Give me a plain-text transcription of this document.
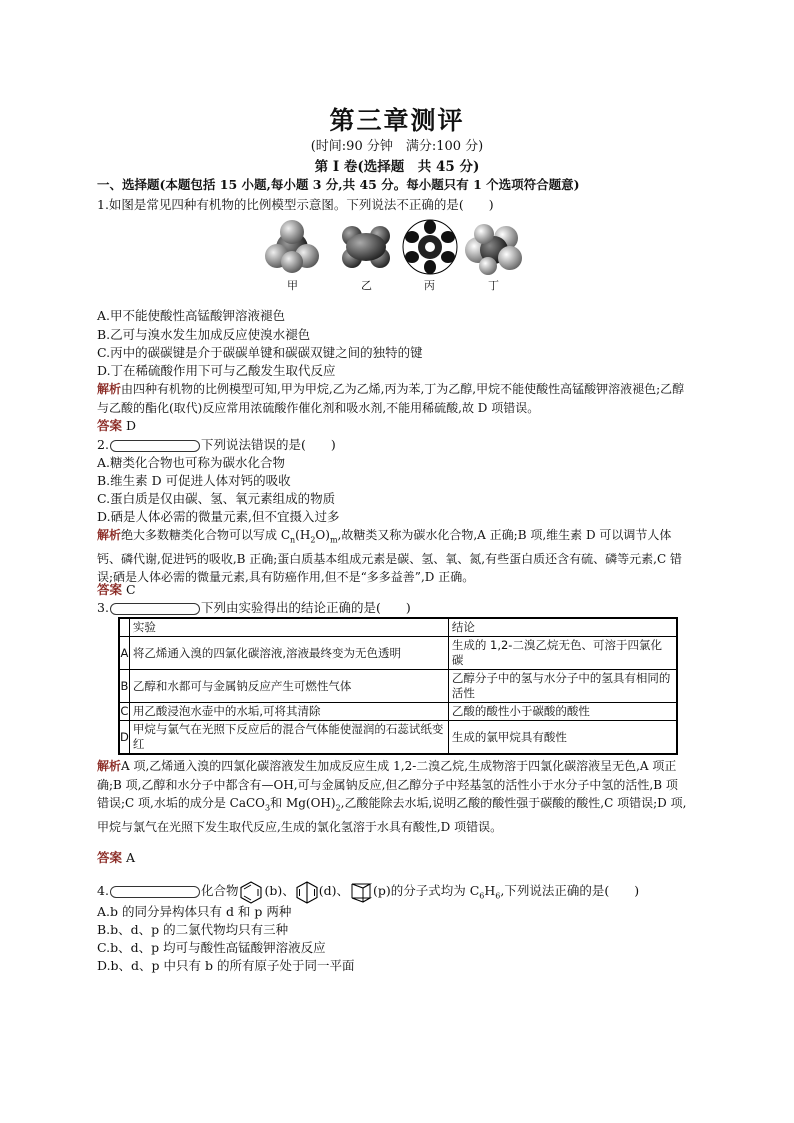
第三章测评
(时间:90 分钟　满分:100 分)
第 Ⅰ 卷(选择题　共 45 分)
一、选择题(本题包括 15 小题,每小题 3 分,共 45 分。每小题只有 1 个选项符合题意)
1.如图是常见四种有机物的比例模型示意图。下列说法不正确的是(　　)
甲	乙	丙	丁
A.甲不能使酸性高锰酸钾溶液褪色
B.乙可与溴水发生加成反应使溴水褪色
C.丙中的碳碳键是介于碳碳单键和碳碳双键之间的独特的键
D.丁在稀硫酸作用下可与乙酸发生取代反应
解析由四种有机物的比例模型可知,甲为甲烷,乙为乙烯,丙为苯,丁为乙醇,甲烷不能使酸性高锰酸钾溶液褪色;乙醇与乙酸的酯化(取代)反应常用浓硫酸作催化剂和吸水剂,不能用稀硫酸,故 D 项错误。
答案 D
2.	下列说法错误的是(　　)
A.糖类化合物也可称为碳水化合物
B.维生素 D 可促进人体对钙的吸收
C.蛋白质是仅由碳、氢、氧元素组成的物质
D.硒是人体必需的微量元素,但不宜摄入过多
解析绝大多数糖类化合物可以写成 $C_n(H_2O)_m$,故糖类又称为碳水化合物,A 正确;B 项,维生素 D 可以调节人体钙、磷代谢,促进钙的吸收,B 正确;蛋白质基本组成元素是碳、氢、氧、氮,有些蛋白质还含有硫、磷等元素,C 错误;硒是人体必需的微量元素,具有防癌作用,但不是“多多益善”,D 正确。
答案 C
3.	下列由实验得出的结论正确的是(　　)
	实验	结论
A	将乙烯通入溴的四氯化碳溶液,溶液最终变为无色透明	生成的 1,2-二溴乙烷无色、可溶于四氯化碳
B	乙醇和水都可与金属钠反应产生可燃性气体	乙醇分子中的氢与水分子中的氢具有相同的活性
C	用乙酸浸泡水壶中的水垢,可将其清除	乙酸的酸性小于碳酸的酸性
D	甲烷与氯气在光照下反应后的混合气体能使湿润的石蕊试纸变红	生成的氯甲烷具有酸性
解析A 项,乙烯通入溴的四氯化碳溶液发生加成反应生成 1,2-二溴乙烷,生成物溶于四氯化碳溶液呈无色,A 项正确;B 项,乙醇和水分子中都含有—OH,可与金属钠反应,但乙醇分子中羟基氢的活性小于水分子中氢的活性,B 项错误;C 项,水垢的成分是 CaCO$_3$和 $Mg(OH)_2$,乙酸能除去水垢,说明乙酸的酸性强于碳酸的酸性,C 项错误;D 项,甲烷与氯气在光照下发生取代反应,生成的氯化氢溶于水具有酸性,D 项错误。
答案 A
4.	化合物 (b)、 (d)、 (p)的分子式均为 $C_6H_6$,下列说法正确的是(　　)
A.b 的同分异构体只有 d 和 p 两种
B.b、d、p 的二氯代物均只有三种
C.b、d、p 均可与酸性高锰酸钾溶液反应
D.b、d、p 中只有 b 的所有原子处于同一平面
